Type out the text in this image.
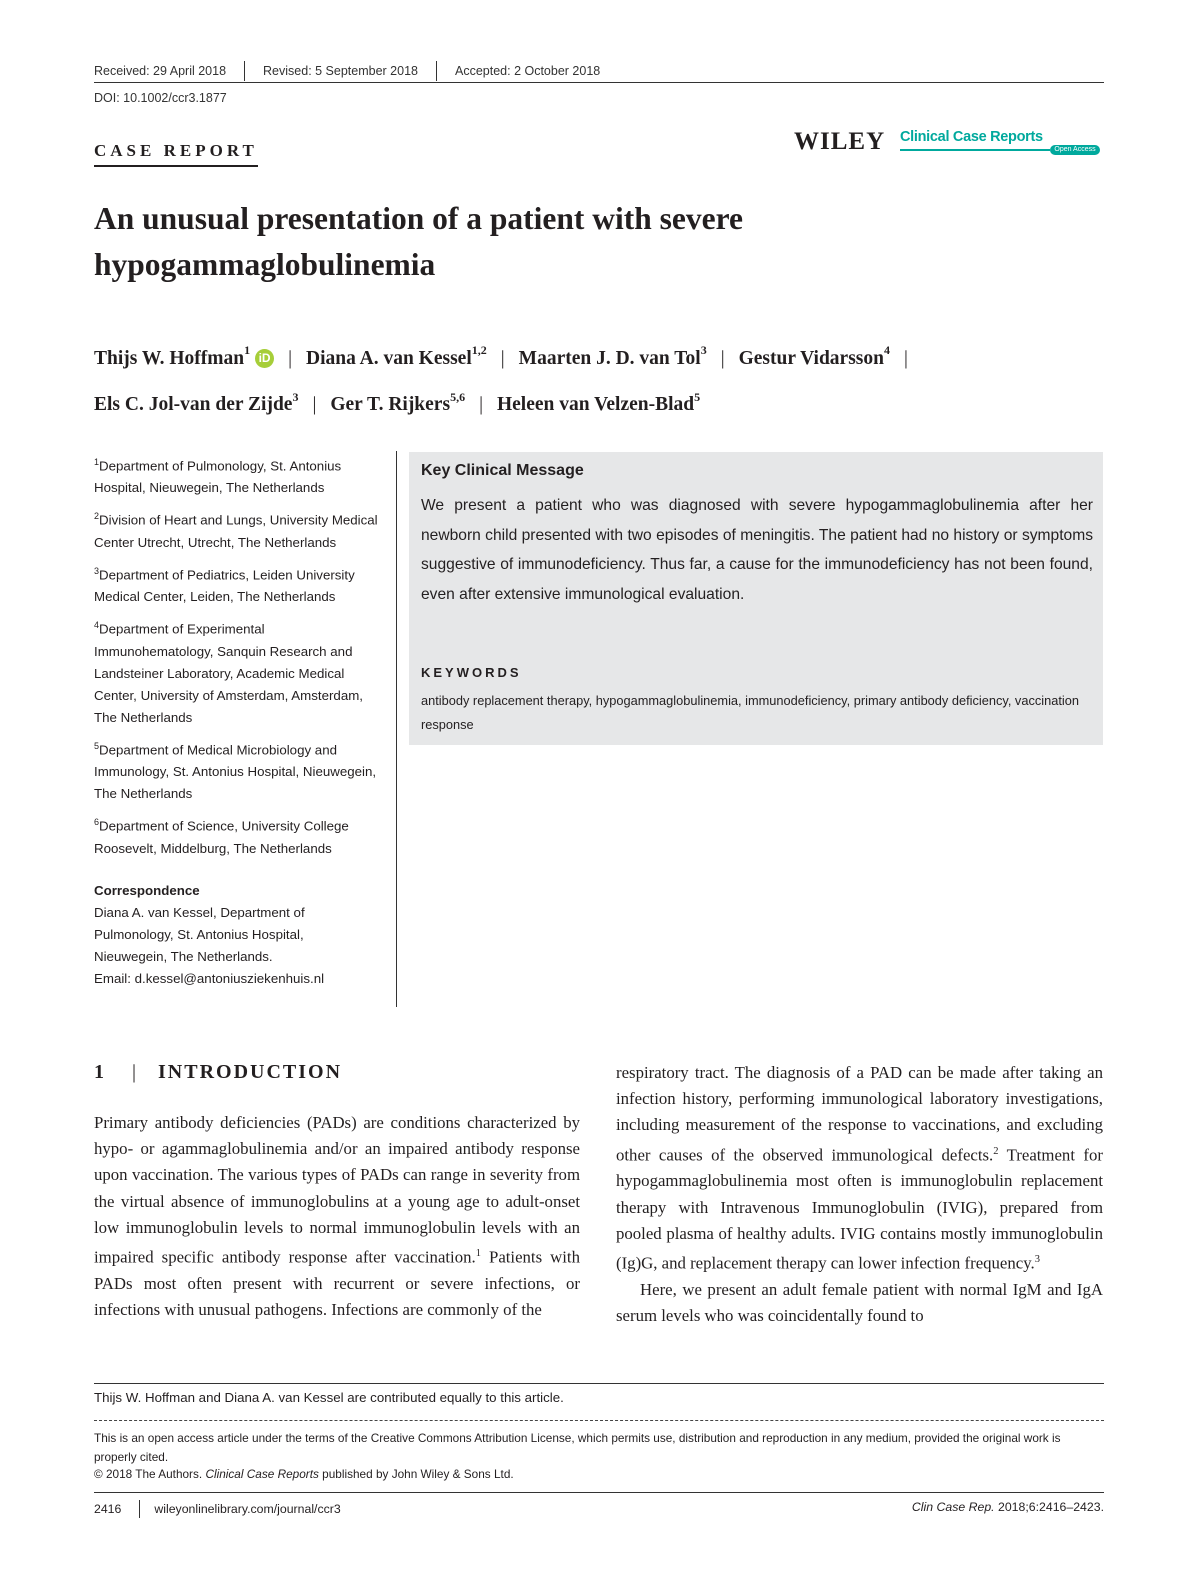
Received: 29 April 2018	Revised: 5 September 2018	Accepted: 2 October 2018
DOI: 10.1002/ccr3.1877
CASE REPORT	WILEY Clinical Case Reports
Open Access
An unusual presentation of a patient with severe
hypogammaglobulinemia
Thijs W. Hoffman$^1$iD | Diana A. van Kessel$^{1,2}$ | Maarten J. D. van Tol$^3$ | Gestur Vidarsson$^4$ |
Els C. Jol-van der Zijde$^3$ | Ger T. Rijkers$^{5,6}$ | Heleen van Velzen-Blad$^5$
$^1$Department of Pulmonology, St. Antonius Hospital, Nieuwegein, The Netherlands
$^2$Division of Heart and Lungs, University Medical Center Utrecht, Utrecht, The Netherlands
$^3$Department of Pediatrics, Leiden University Medical Center, Leiden, The Netherlands
$^4$Department of Experimental Immunohematology, Sanquin Research and Landsteiner Laboratory, Academic Medical Center, University of Amsterdam, Amsterdam, The Netherlands
$^5$Department of Medical Microbiology and Immunology, St. Antonius Hospital, Nieuwegein, The Netherlands
$^6$Department of Science, University College Roosevelt, Middelburg, The Netherlands
Correspondence
Diana A. van Kessel, Department of
Pulmonology, St. Antonius Hospital,
Nieuwegein, The Netherlands.
Email: d.kessel@antoniusziekenhuis.nl
Key Clinical Message
We present a patient who was diagnosed with severe hypogammaglobulinemia after her newborn child presented with two episodes of meningitis. The patient had no history or symptoms suggestive of immunodeficiency. Thus far, a cause for the immunodeficiency has not been found, even after extensive immunological evaluation.
KEYWORDS
antibody replacement therapy, hypogammaglobulinemia, immunodeficiency, primary antibody deficiency, vaccination response
1 | INTRODUCTION
Primary antibody deficiencies (PADs) are conditions characterized by hypo- or agammaglobulinemia and/or an impaired antibody response upon vaccination. The various types of PADs can range in severity from the virtual absence of immunoglobulins at a young age to adult-onset low immunoglobulin levels to normal immunoglobulin levels with an impaired specific antibody response after vaccination.$^1$ Patients with PADs most often present with recurrent or severe infections, or infections with unusual pathogens. Infections are commonly of the
respiratory tract. The diagnosis of a PAD can be made after taking an infection history, performing immunological laboratory investigations, including measurement of the response to vaccinations, and excluding other causes of the observed immunological defects.$^2$ Treatment for hypogammaglobulinemia most often is immunoglobulin replacement therapy with Intravenous Immunoglobulin (IVIG), prepared from pooled plasma of healthy adults. IVIG contains mostly immunoglobulin (Ig)G, and replacement therapy can lower infection frequency.$^3$
Here, we present an adult female patient with normal IgM and IgA serum levels who was coincidentally found to
Thijs W. Hoffman and Diana A. van Kessel are contributed equally to this article.
This is an open access article under the terms of the Creative Commons Attribution License, which permits use, distribution and reproduction in any medium, provided the original work is properly cited.
© 2018 The Authors. Clinical Case Reports published by John Wiley & Sons Ltd.
2416	wileyonlinelibrary.com/journal/ccr3	Clin Case Rep. 2018;6:2416–2423.
